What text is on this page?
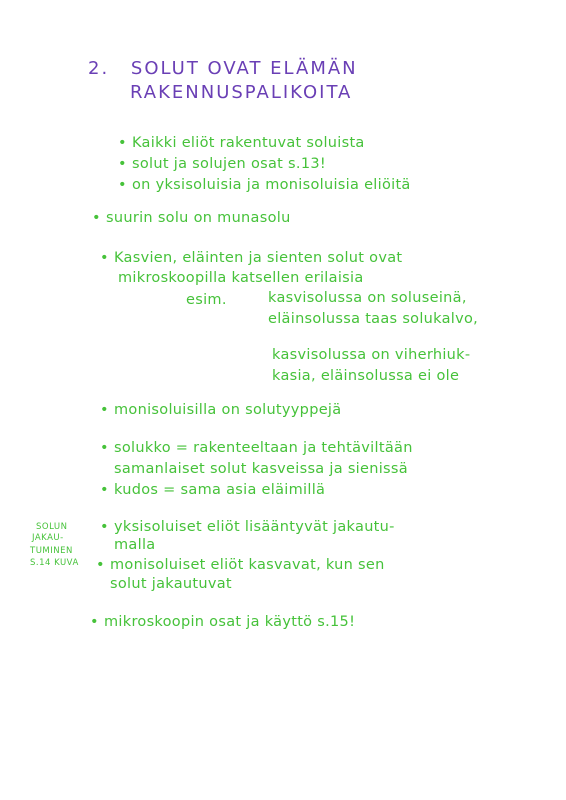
2. SOLUT OVAT ELÄMÄN
RAKENNUSPALIKOITA
• Kaikki eliöt rakentuvat soluista
• solut ja solujen osat s.13!
• on yksisoluisia ja monisoluisia eliöitä
• suurin solu on munasolu
• Kasvien, eläinten ja sienten solut ovat
mikroskoopilla katsellen erilaisia
esim.	kasvisolussa on soluseinä,
eläinsolussa taas solukalvo,
kasvisolussa on viherhiuk-
kasia, eläinsolussa ei ole
• monisoluisilla on solutyyppejä
• solukko = rakenteeltaan ja tehtäviltään
samanlaiset solut kasveissa ja sienissä
• kudos = sama asia eläimillä
SOLUN
JAKAU-
TUMINEN
S.14 KUVA
• yksisoluiset eliöt lisääntyvät jakautu-
malla
• monisoluiset eliöt kasvavat, kun sen
solut jakautuvat
• mikroskoopin osat ja käyttö s.15!
